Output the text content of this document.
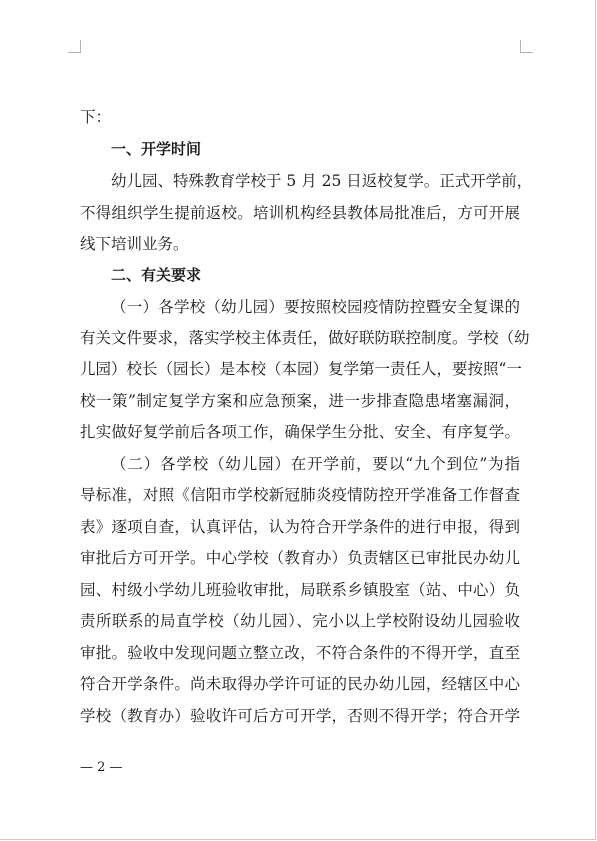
下：
一、开学时间
幼儿园、特殊教育学校于 5 月 25 日返校复学。正式开学前，
不得组织学生提前返校。培训机构经县教体局批准后，方可开展
线下培训业务。
二、有关要求
（一）各学校（幼儿园）要按照校园疫情防控暨安全复课的
有关文件要求，落实学校主体责任，做好联防联控制度。学校（幼
儿园）校长（园长）是本校（本园）复学第一责任人，要按照“一
校一策”制定复学方案和应急预案，进一步排查隐患堵塞漏洞，
扎实做好复学前后各项工作，确保学生分批、安全、有序复学。
（二）各学校（幼儿园）在开学前，要以“九个到位”为指
导标准，对照《信阳市学校新冠肺炎疫情防控开学准备工作督查
表》逐项自查，认真评估，认为符合开学条件的进行申报，得到
审批后方可开学。中心学校（教育办）负责辖区已审批民办幼儿
园、村级小学幼儿班验收审批，局联系乡镇股室（站、中心）负
责所联系的局直学校（幼儿园）、完小以上学校附设幼儿园验收
审批。验收中发现问题立整立改，不符合条件的不得开学，直至
符合开学条件。尚未取得办学许可证的民办幼儿园，经辖区中心
学校（教育办）验收许可后方可开学，否则不得开学；符合开学
— 2 —
